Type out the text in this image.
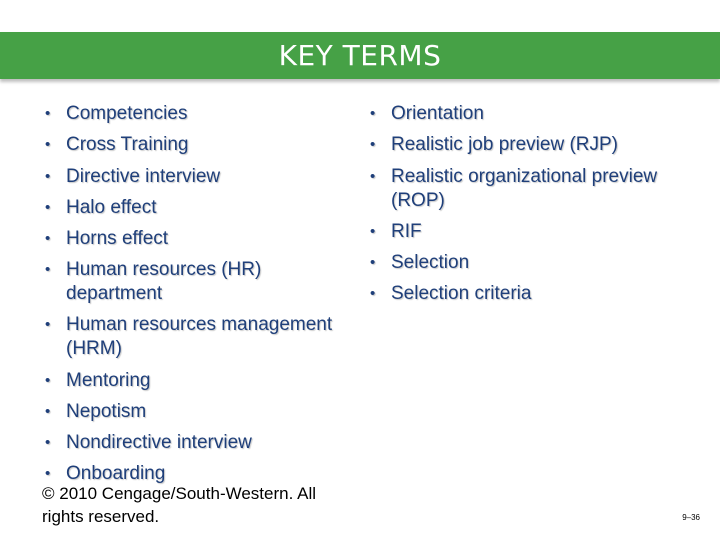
KEY TERMS
• Competencies
• Cross Training
• Directive interview
• Halo effect
• Horns effect
• Human resources (HR)
department
• Human resources management
(HRM)
• Mentoring
• Nepotism
• Nondirective interview
• Onboarding
• Orientation
• Realistic job preview (RJP)
• Realistic organizational preview
(ROP)
• RIF
• Selection
• Selection criteria
© 2010 Cengage/South-Western. All
rights reserved.	9–36
